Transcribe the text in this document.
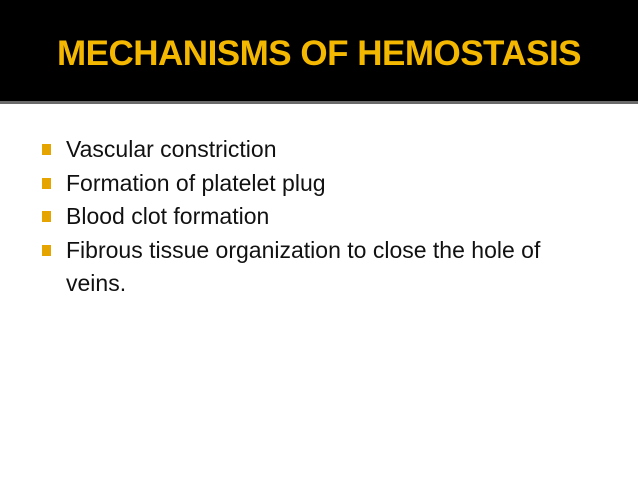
MECHANISMS OF HEMOSTASIS
Vascular constriction
Formation of platelet plug
Blood clot formation
Fibrous tissue organization to close the hole of veins.
